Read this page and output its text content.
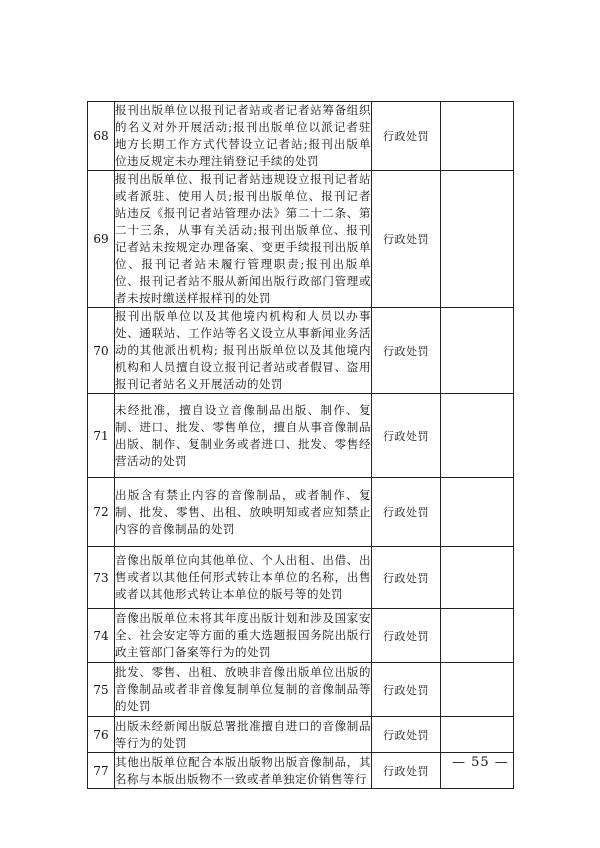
68	报刊出版单位以报刊记者站或者记者站筹备组织的名义对外开展活动;报刊出版单位以派记者驻地方长期工作方式代替设立记者站;报刊出版单位违反规定未办理注销登记手续的处罚	行政处罚	
69	报刊出版单位、报刊记者站违规设立报刊记者站或者派驻、使用人员;报刊出版单位、报刊记者站违反《报刊记者站管理办法》第二十二条、第二十三条，从事有关活动;报刊出版单位、报刊记者站未按规定办理备案、变更手续报刊出版单位、报刊记者站未履行管理职责;报刊出版单位、报刊记者站不服从新闻出版行政部门管理或者未按时缴送样报样刊的处罚	行政处罚	
70	报刊出版单位以及其他境内机构和人员以办事处、通联站、工作站等名义设立从事新闻业务活动的其他派出机构; 报刊出版单位以及其他境内机构和人员擅自设立报刊记者站或者假冒、盗用报刊记者站名义开展活动的处罚	行政处罚	
71	未经批准，擅自设立音像制品出版、制作、复制、进口、批发、零售单位，擅自从事音像制品出版、制作、复制业务或者进口、批发、零售经营活动的处罚	行政处罚	
72	出版含有禁止内容的音像制品，或者制作、复制、批发、零售、出租、放映明知或者应知禁止内容的音像制品的处罚	行政处罚	
73	音像出版单位向其他单位、个人出租、出借、出售或者以其他任何形式转让本单位的名称，出售或者以其他形式转让本单位的版号等的处罚	行政处罚	
74	音像出版单位未将其年度出版计划和涉及国家安全、社会安定等方面的重大选题报国务院出版行政主管部门备案等行为的处罚	行政处罚	
75	批发、零售、出租、放映非音像出版单位出版的音像制品或者非音像复制单位复制的音像制品等的处罚	行政处罚	
76	出版未经新闻出版总署批准擅自进口的音像制品等行为的处罚	行政处罚	
77	其他出版单位配合本版出版物出版音像制品，其名称与本版出版物不一致或者单独定价销售等行	行政处罚	
— 55 —
